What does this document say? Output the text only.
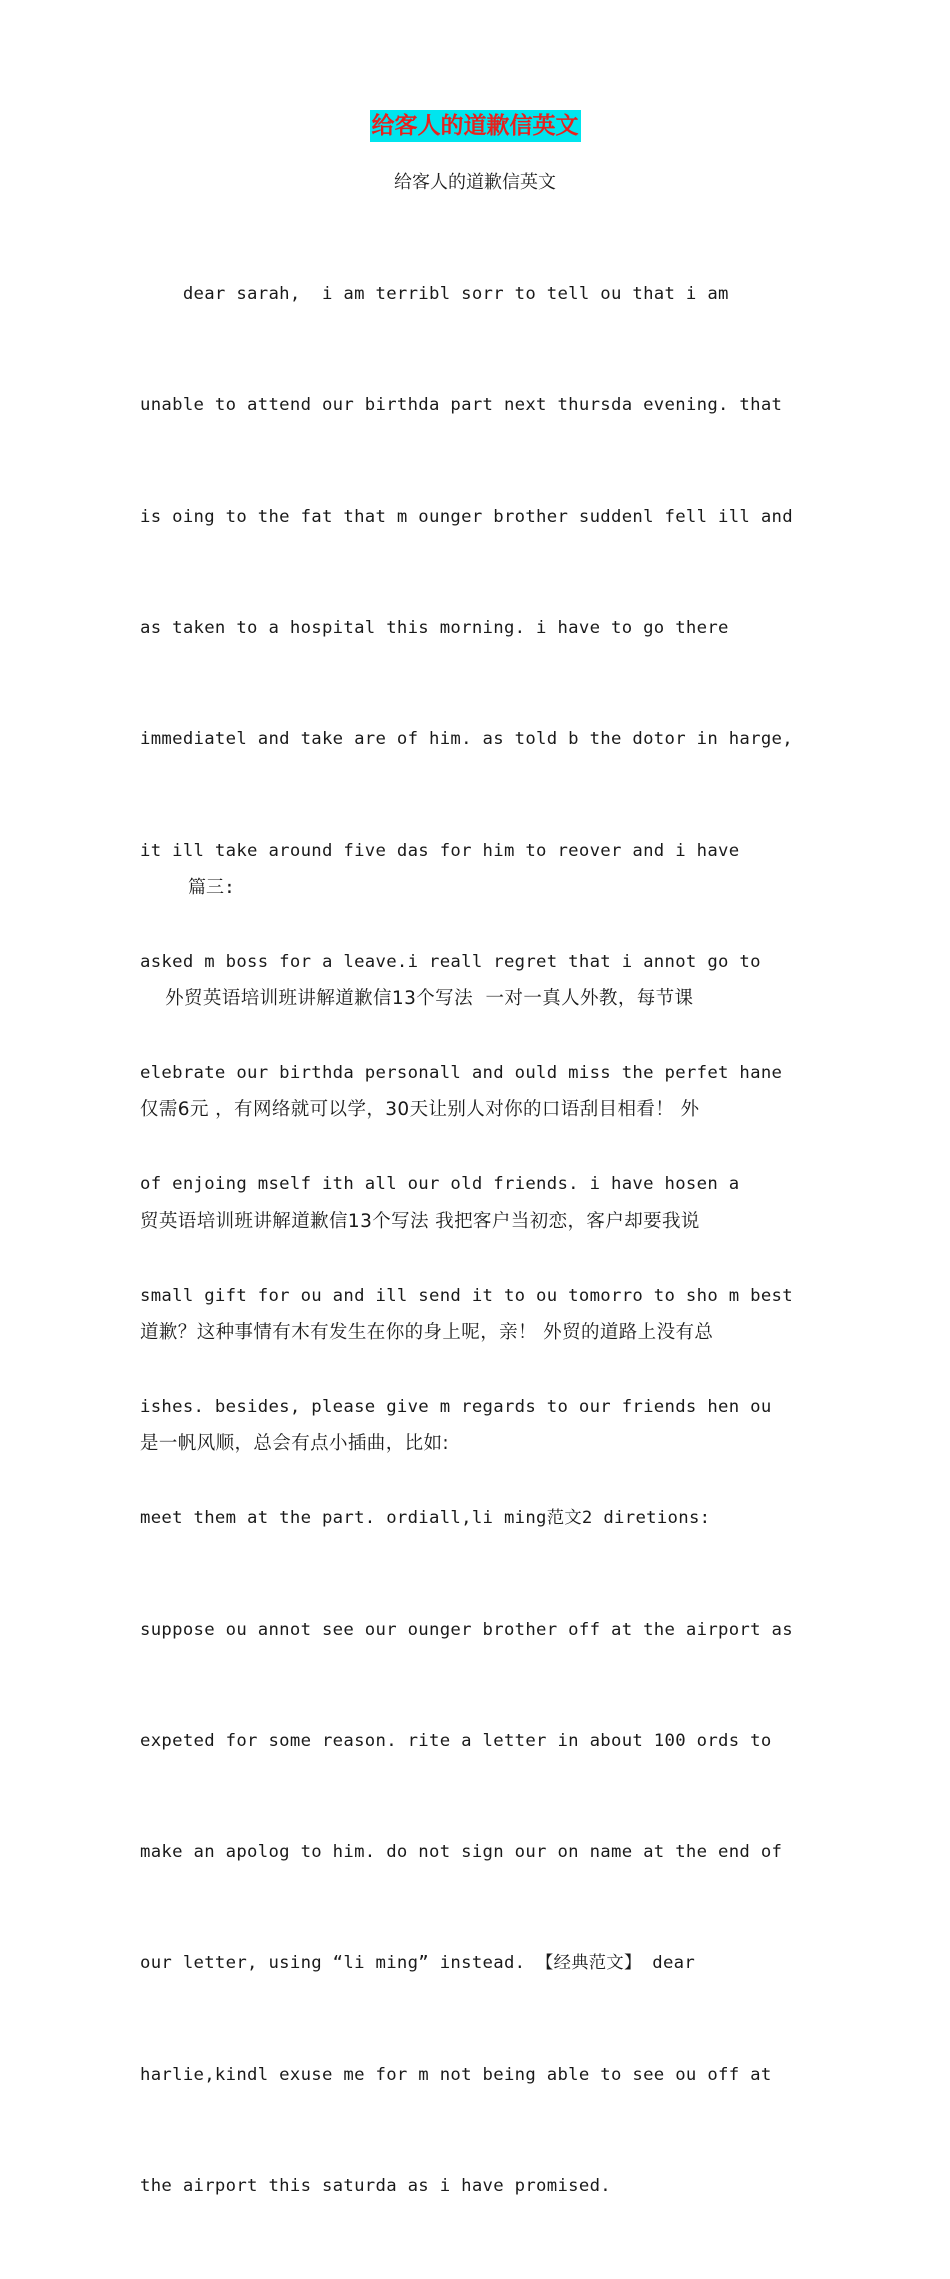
给客人的道歉信英文
给客人的道歉信英文

dear sarah,  i am terribl sorr to tell ou that i am

unable to attend our birthda part next thursda evening. that

is oing to the fat that m ounger brother suddenl fell ill and

as taken to a hospital this morning. i have to go there

immediatel and take are of him. as told b the dotor in harge,

it ill take around five das for him to reover and i have

asked m boss for a leave.i reall regret that i annot go to

elebrate our birthda personall and ould miss the perfet hane

of enjoing mself ith all our old friends. i have hosen a

small gift for ou and ill send it to ou tomorro to sho m best

ishes. besides, please give m regards to our friends hen ou

meet them at the part. ordiall,li ming范文2 diretions:

suppose ou annot see our ounger brother off at the airport as

expeted for some reason. rite a letter in about 100 ords to

make an apolog to him. do not sign our on name at the end of

our letter, using “li ming” instead. 【经典范文】 dear

harlie,kindl exuse me for m not being able to see ou off at

the airport this saturda as i have promised.

篇三:

外贸英语培训班讲解道歉信13个写法  一对一真人外教，每节课

仅需6元 ，有网络就可以学，30天让别人对你的口语刮目相看！ 外

贸英语培训班讲解道歉信13个写法 我把客户当初恋，客户却要我说

道歉？这种事情有木有发生在你的身上呢，亲！ 外贸的道路上没有总

是一帆风顺，总会有点小插曲，比如:
